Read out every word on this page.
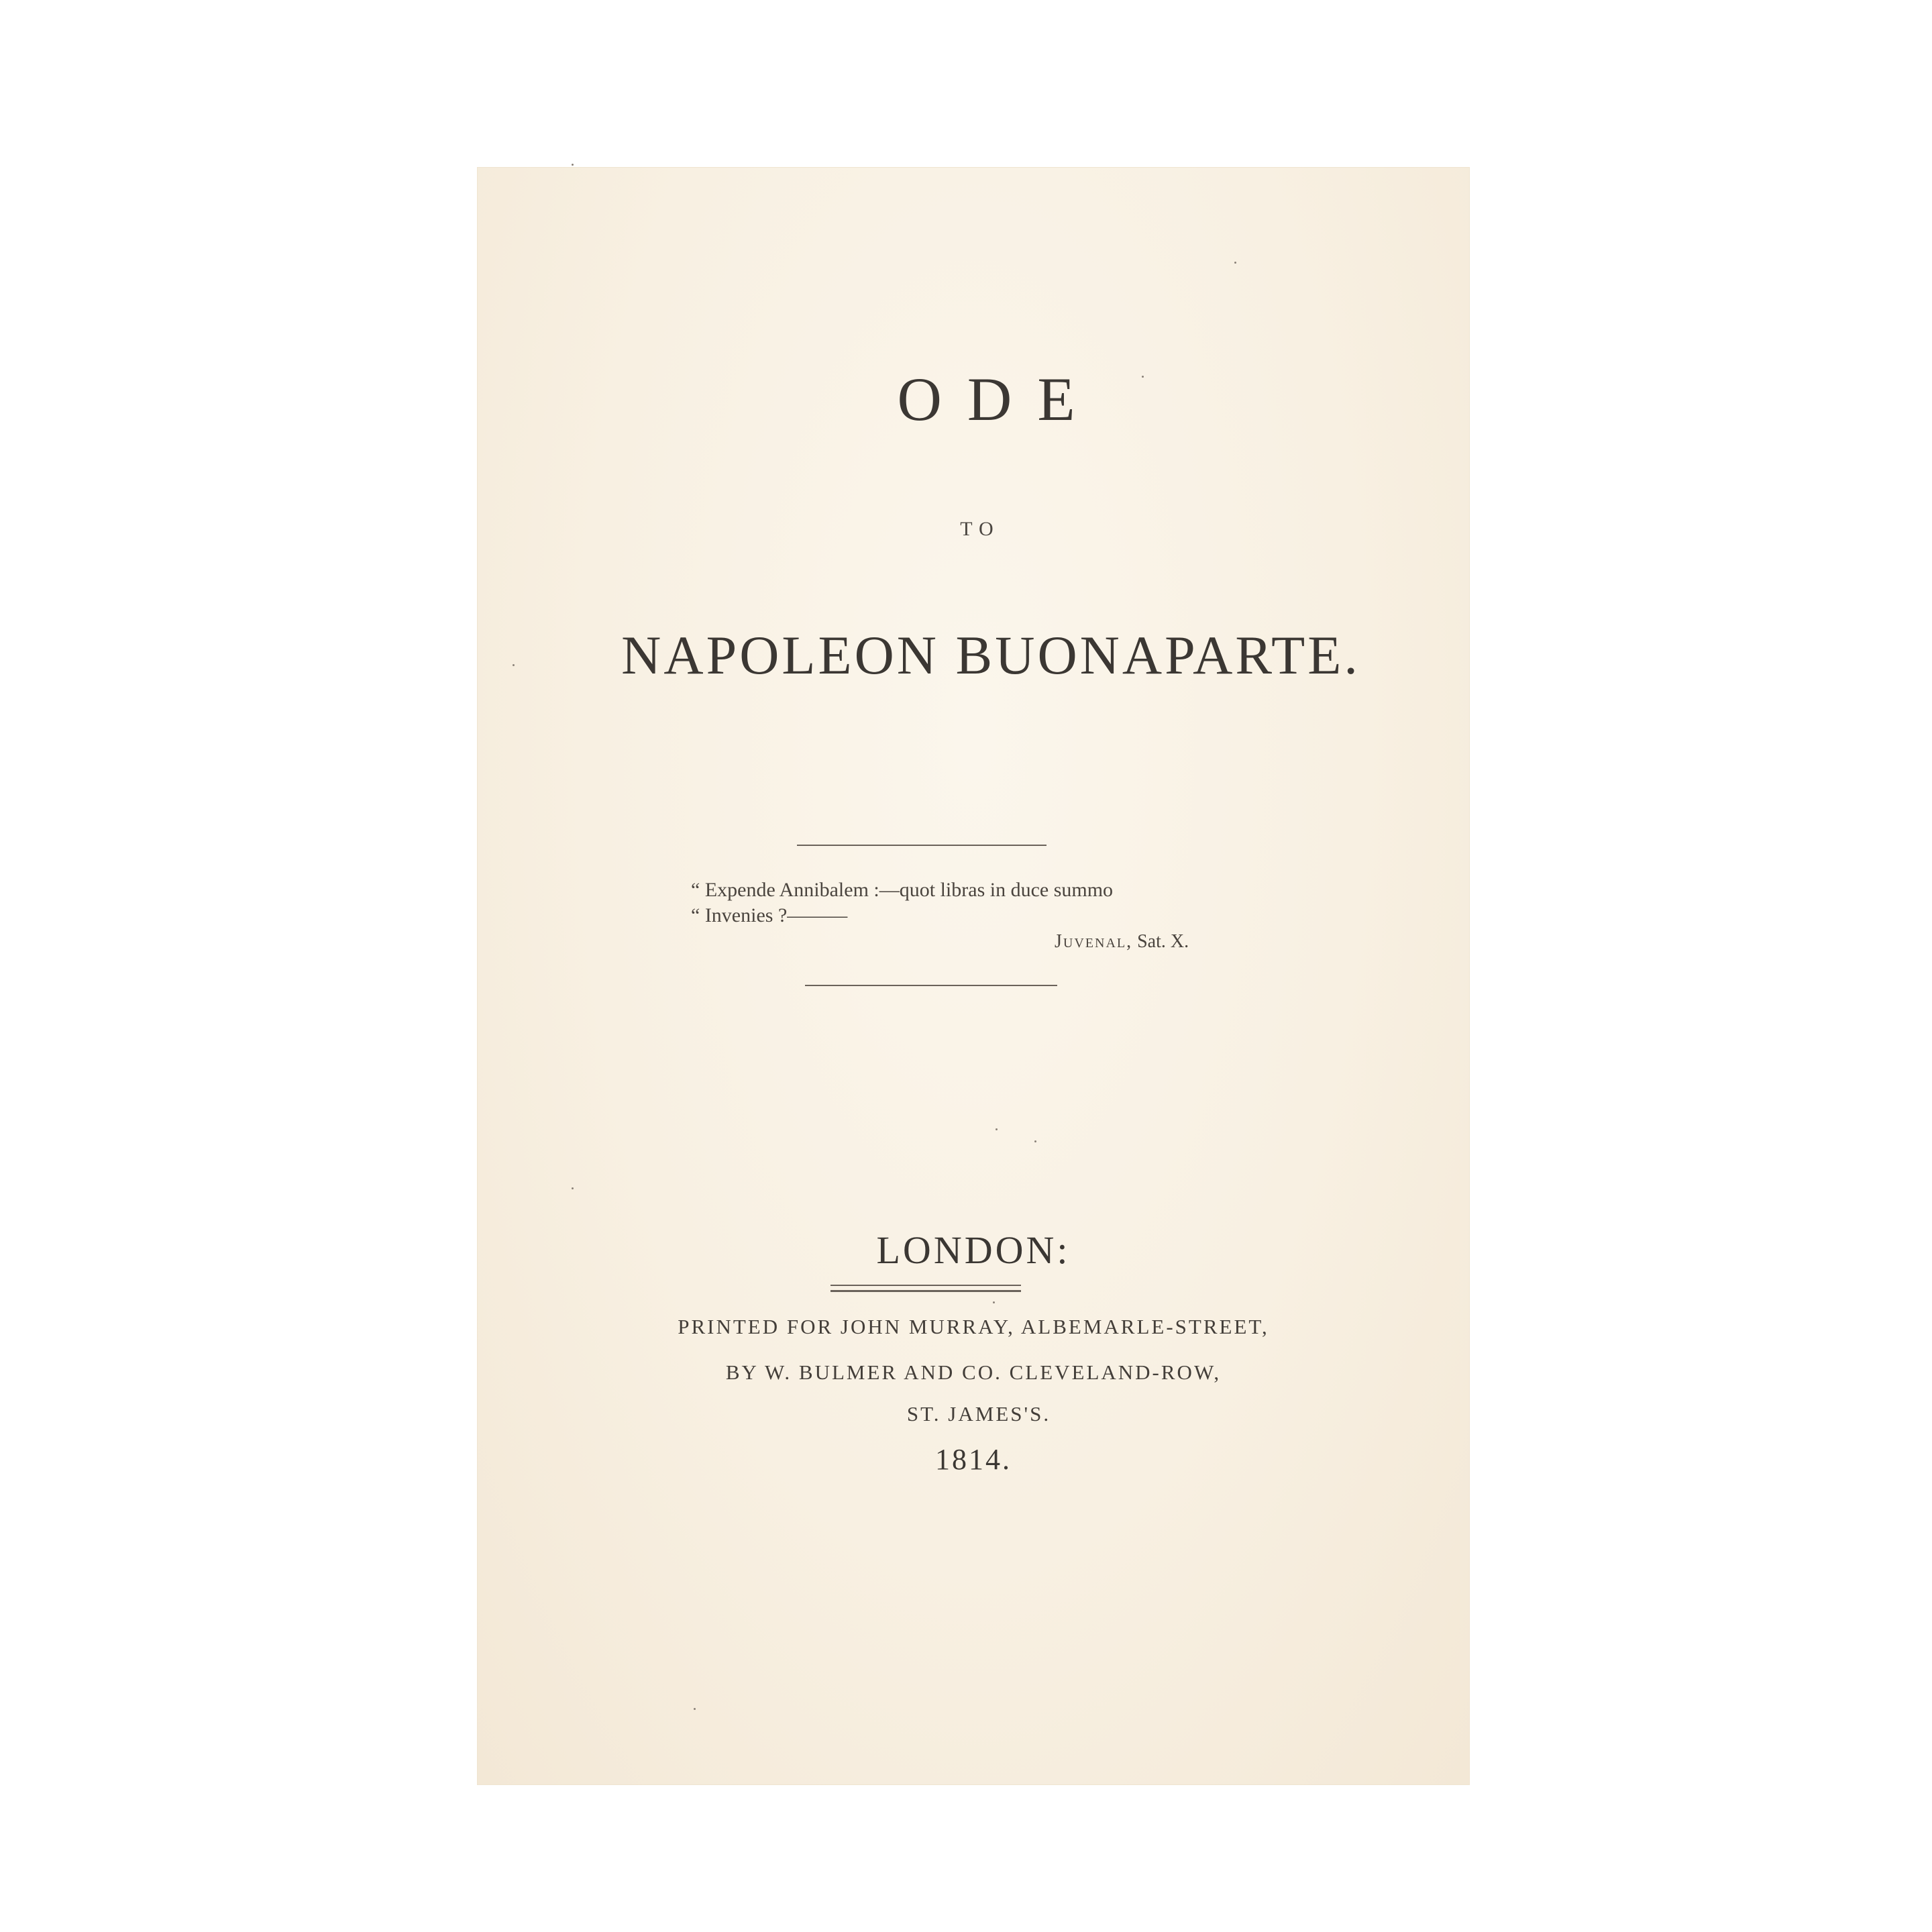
ODE
TO
NAPOLEON BUONAPARTE.
“ Expende Annibalem :—quot libras in duce summo
“ Invenies ?———
Juvenal, Sat. X.
LONDON:
PRINTED FOR JOHN MURRAY, ALBEMARLE-STREET,
BY W. BULMER AND CO. CLEVELAND-ROW,
ST. JAMES'S.
1814.
